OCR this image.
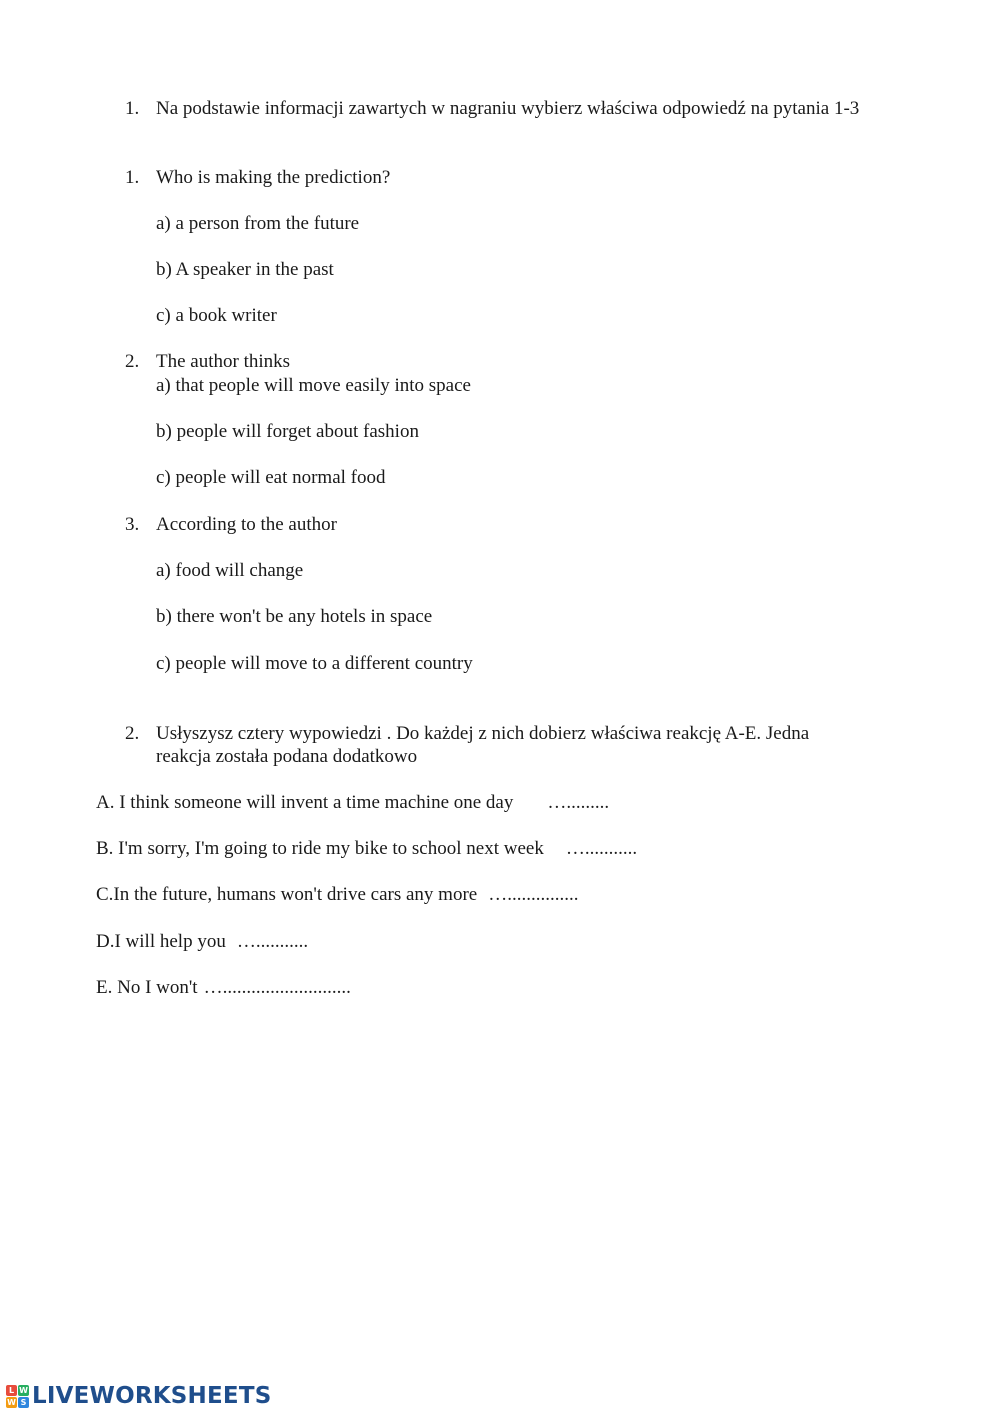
1. Na podstawie informacji zawartych w nagraniu wybierz właściwa odpowiedź na pytania 1-3
1. Who is making the prediction?
a) a person from the future
b) A speaker in the past
c) a book writer
2. The author thinks
a) that people will move easily into space
b) people will forget about fashion
c) people will eat normal food
3. According to the author
a) food will change
b) there won't be any hotels in space
c) people will move to a different country
2. Usłyszysz cztery wypowiedzi . Do każdej z nich dobierz właściwa reakcję A-E. Jedna
reakcja została podana dodatkowo
A. I think someone will invent a time machine one day ….........
B. I'm sorry, I'm going to ride my bike to school next week …...........
C.In the future, humans won't drive cars any more …...............
D.I will help you …...........
E. No I won't …...........................
L W
W S LIVEWORKSHEETS
